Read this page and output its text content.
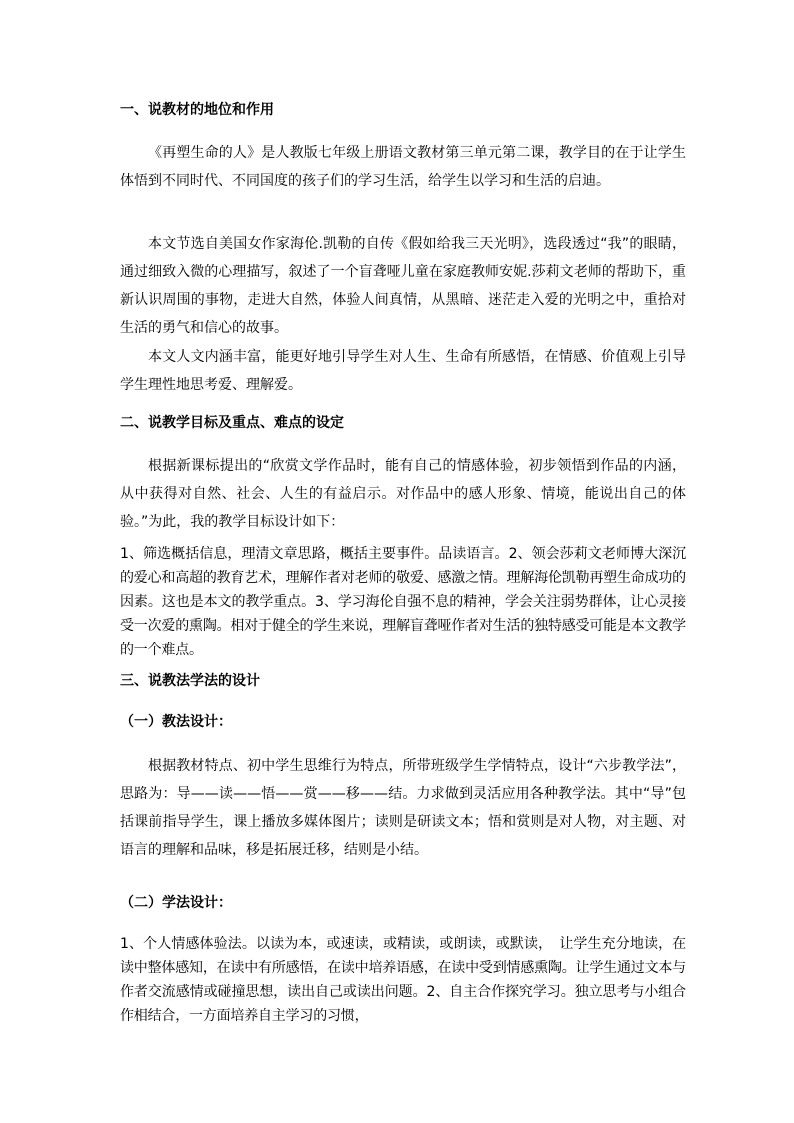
一、说教材的地位和作用
《再塑生命的人》是人教版七年级上册语文教材第三单元第二课，教学目的在于让学生体悟到不同时代、不同国度的孩子们的学习生活，给学生以学习和生活的启迪。
本文节选自美国女作家海伦.凯勒的自传《假如给我三天光明》，选段透过“我”的眼睛，通过细致入微的心理描写，叙述了一个盲聋哑儿童在家庭教师安妮.莎莉文老师的帮助下，重新认识周围的事物，走进大自然，体验人间真情，从黑暗、迷茫走入爱的光明之中，重拾对生活的勇气和信心的故事。
本文人文内涵丰富，能更好地引导学生对人生、生命有所感悟，在情感、价值观上引导学生理性地思考爱、理解爱。
二、说教学目标及重点、难点的设定
根据新课标提出的“欣赏文学作品时，能有自己的情感体验，初步领悟到作品的内涵，从中获得对自然、社会、人生的有益启示。对作品中的感人形象、情境，能说出自己的体验。”为此，我的教学目标设计如下：
1、筛选概括信息，理清文章思路，概括主要事件。品读语言。2、领会莎莉文老师博大深沉的爱心和高超的教育艺术，理解作者对老师的敬爱、感激之情。理解海伦凯勒再塑生命成功的因素。这也是本文的教学重点。3、学习海伦自强不息的精神，学会关注弱势群体，让心灵接受一次爱的熏陶。相对于健全的学生来说，理解盲聋哑作者对生活的独特感受可能是本文教学的一个难点。
三、说教法学法的设计
（一）教法设计：
根据教材特点、初中学生思维行为特点，所带班级学生学情特点，设计“六步教学法”，思路为：导——读——悟——赏——移——结。力求做到灵活应用各种教学法。其中“导”包括课前指导学生，课上播放多媒体图片；读则是研读文本；悟和赏则是对人物，对主题、对语言的理解和品味，移是拓展迁移，结则是小结。
（二）学法设计：
1、个人情感体验法。以读为本，或速读，或精读，或朗读，或默读，　让学生充分地读，在读中整体感知，在读中有所感悟，在读中培养语感，在读中受到情感熏陶。让学生通过文本与作者交流感情或碰撞思想，读出自己或读出问题。2、自主合作探究学习。独立思考与小组合作相结合，一方面培养自主学习的习惯，
